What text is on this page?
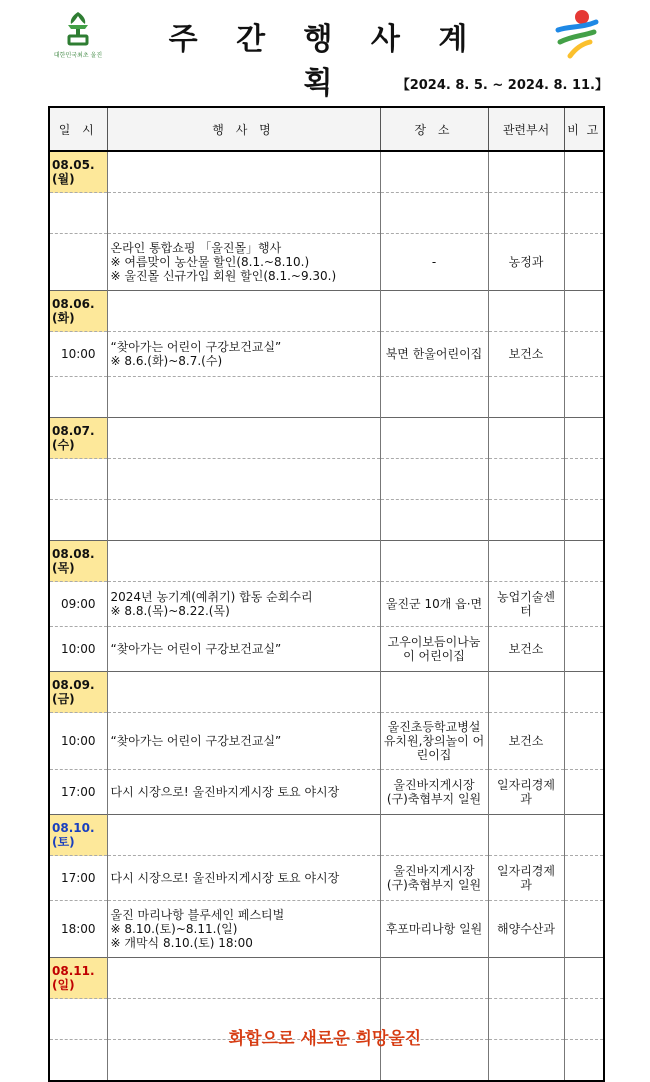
대한민국최초 울진	주 간 행 사 계 획	【2024. 8. 5. ~ 2024. 8. 11.】
일 시	행 사 명	장 소	관련부서	비 고
08.05.(월)				

	온라인 통합쇼핑 「울진몰」행사
※ 여름맞이 농산물 할인(8.1.~8.10.)
※ 울진몰 신규가입 회원 할인(8.1.~9.30.)	-	농정과	
08.06.(화)				
10:00	“찾아가는 어린이 구강보건교실”
※ 8.6.(화)~8.7.(수)	북면 한울어린이집	보건소	

08.07.(수)				

08.08.(목)				
09:00	2024년 농기계(예취기) 합동 순회수리
※ 8.8.(목)~8.22.(목)	울진군 10개 읍·면	농업기술센터	
10:00	“찾아가는 어린이 구강보건교실”	고우이보듬이나눔이 어린이집	보건소	
08.09.(금)				
10:00	“찾아가는 어린이 구강보건교실”	울진초등학교병설유치원,창의놀이 어린이집	보건소	
17:00	다시 시장으로! 울진바지게시장 토요 야시장	울진바지게시장(구)축협부지 일원	일자리경제과	
08.10.(토)				
17:00	다시 시장으로! 울진바지게시장 토요 야시장	울진바지게시장(구)축협부지 일원	일자리경제과	
18:00	울진 마리나항 블루세인 페스티벌
※ 8.10.(토)~8.11.(일)
※ 개막식 8.10.(토) 18:00	후포마리나항 일원	해양수산과	
08.11.(일)				

화합으로 새로운 희망울진
